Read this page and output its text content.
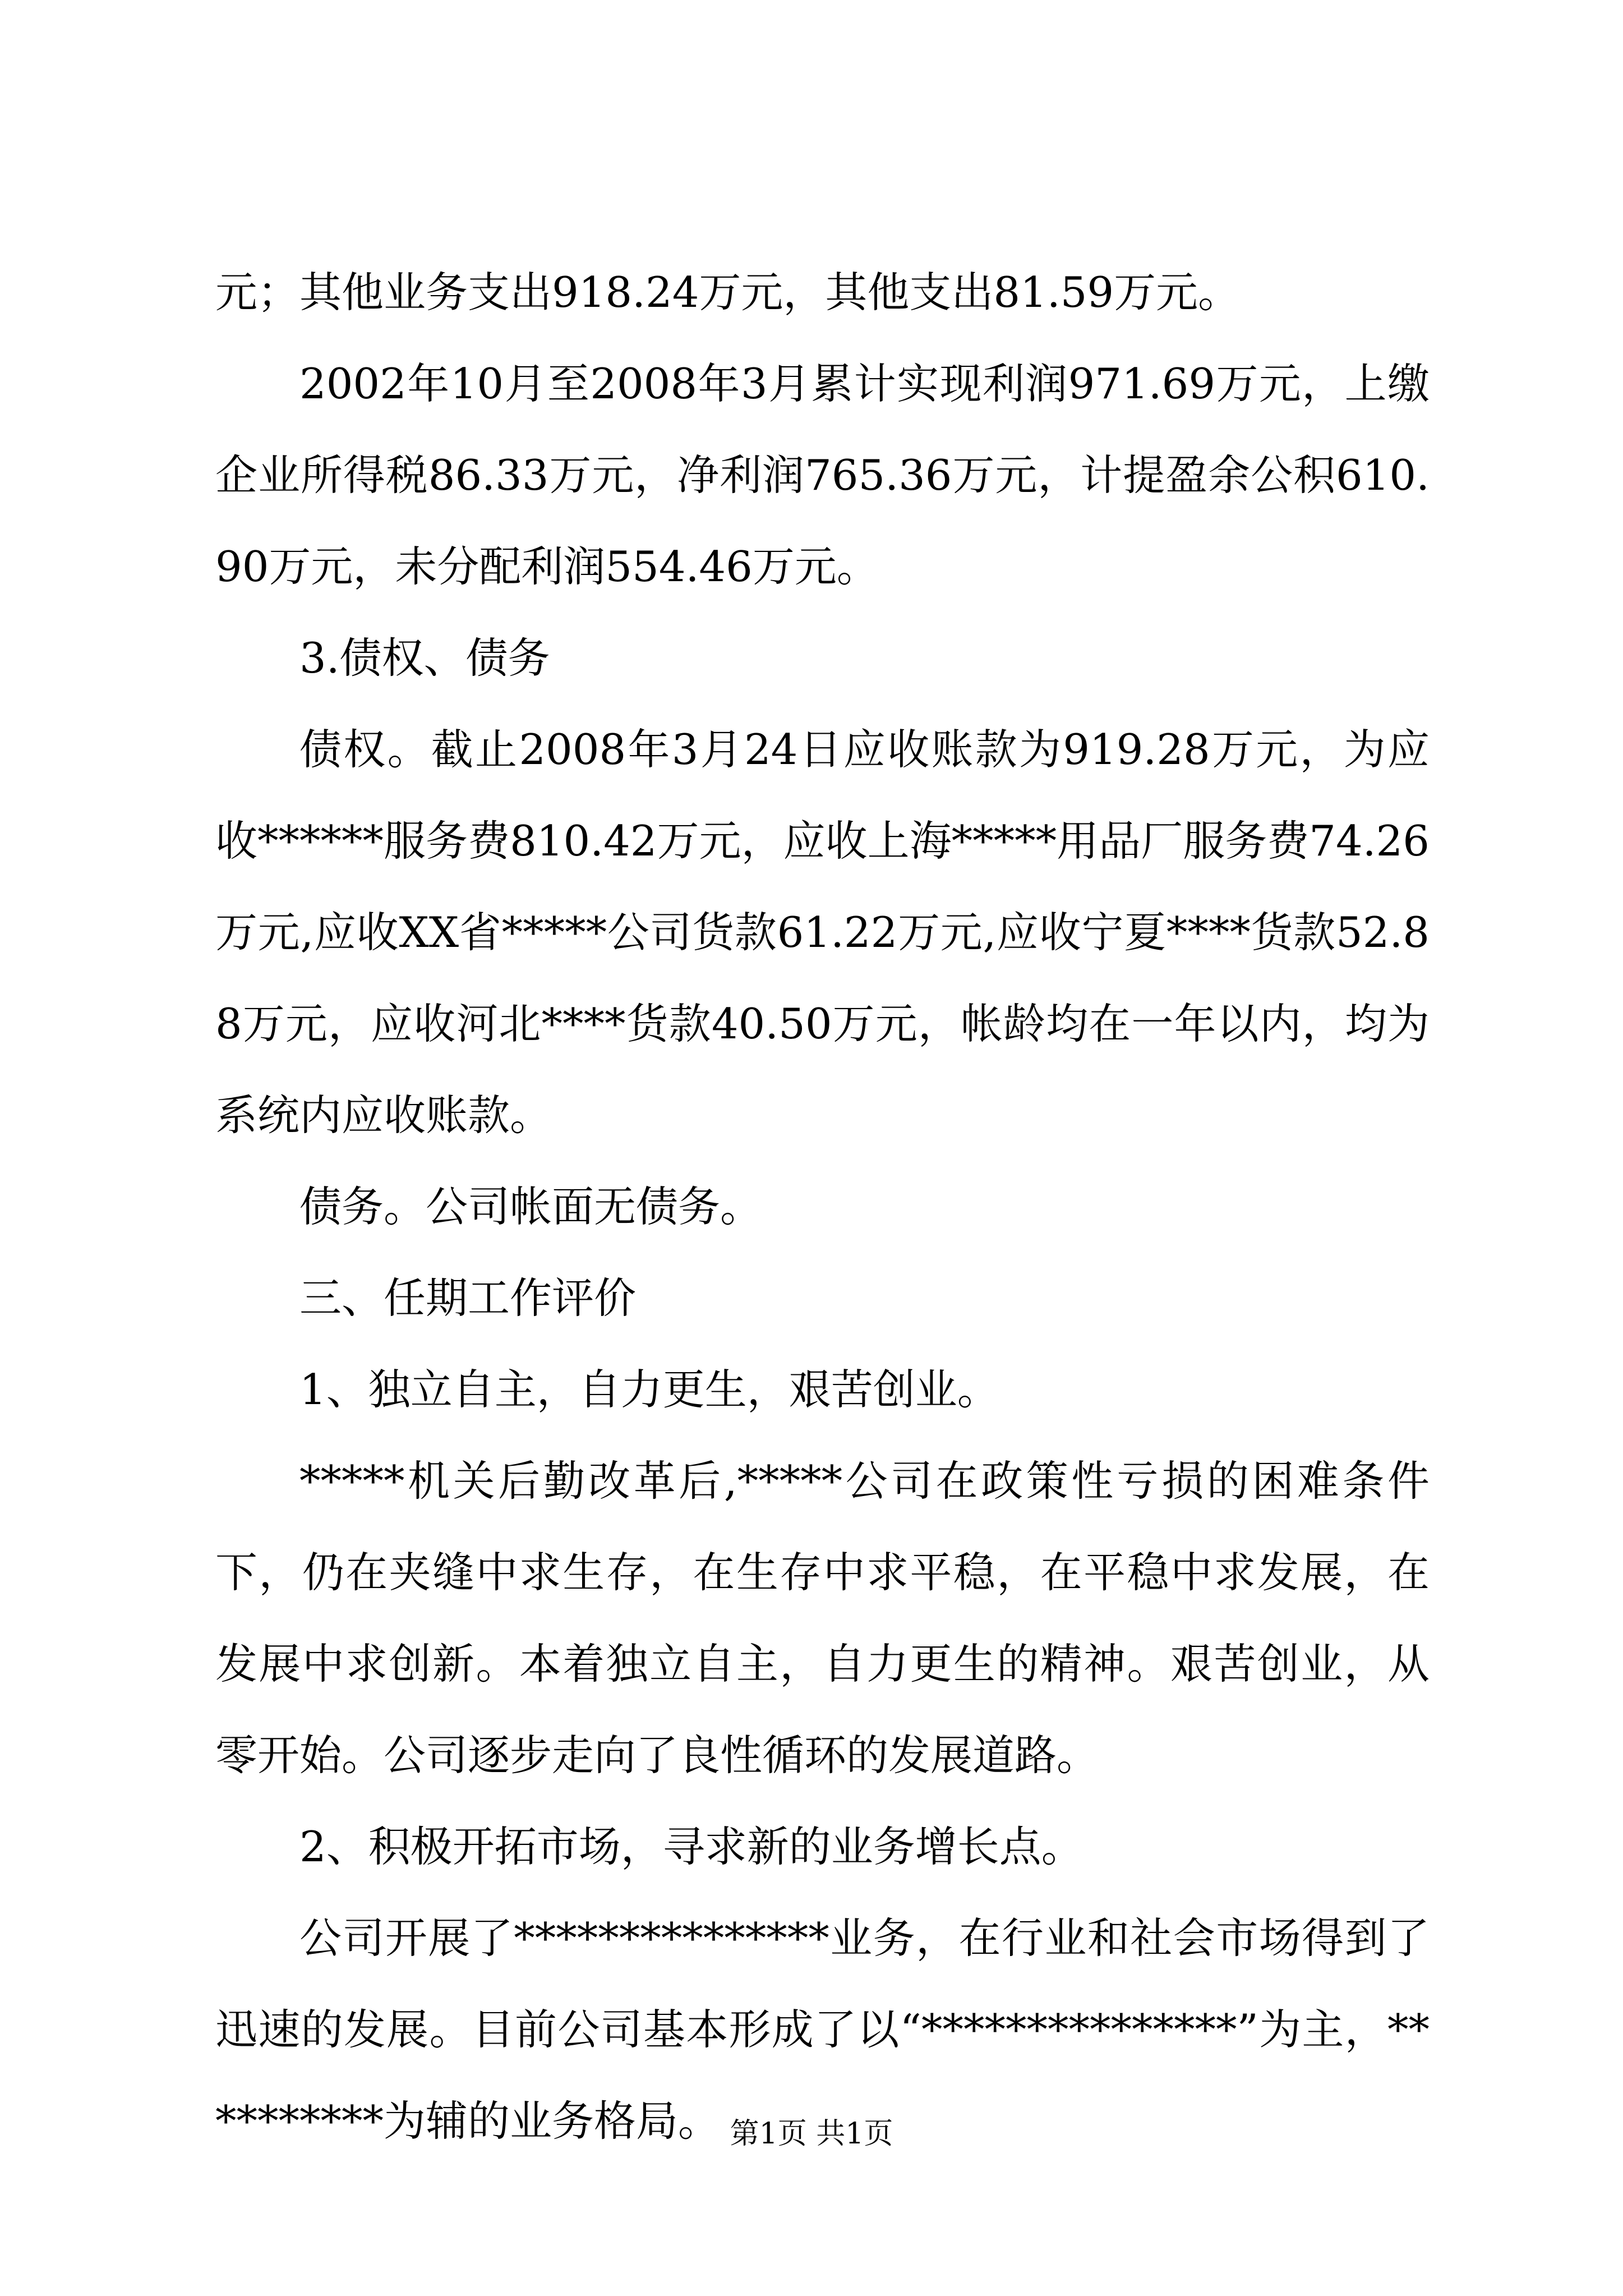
元；其他业务支出918.24万元，其他支出81.59万元。

2002年10月至2008年3月累计实现利润971.69万元，上缴企业所得税86.33万元，净利润765.36万元，计提盈余公积610.90万元，未分配利润554.46万元。

3.债权、债务

债权。截止2008年3月24日应收账款为919.28万元，为应收******服务费810.42万元，应收上海*****用品厂服务费74.26万元,应收XX省*****公司货款61.22万元,应收宁夏****货款52.88万元，应收河北****货款40.50万元，帐龄均在一年以内，均为系统内应收账款。

债务。公司帐面无债务。

三、任期工作评价

1、独立自主，自力更生，艰苦创业。

*****机关后勤改革后,*****公司在政策性亏损的困难条件下，仍在夹缝中求生存，在生存中求平稳，在平稳中求发展，在发展中求创新。本着独立自主，自力更生的精神。艰苦创业，从零开始。公司逐步走向了良性循环的发展道路。

2、积极开拓市场，寻求新的业务增长点。

公司开展了***************业务，在行业和社会市场得到了迅速的发展。目前公司基本形成了以“***************”为主，**********为辅的业务格局。 第1页 共1页
